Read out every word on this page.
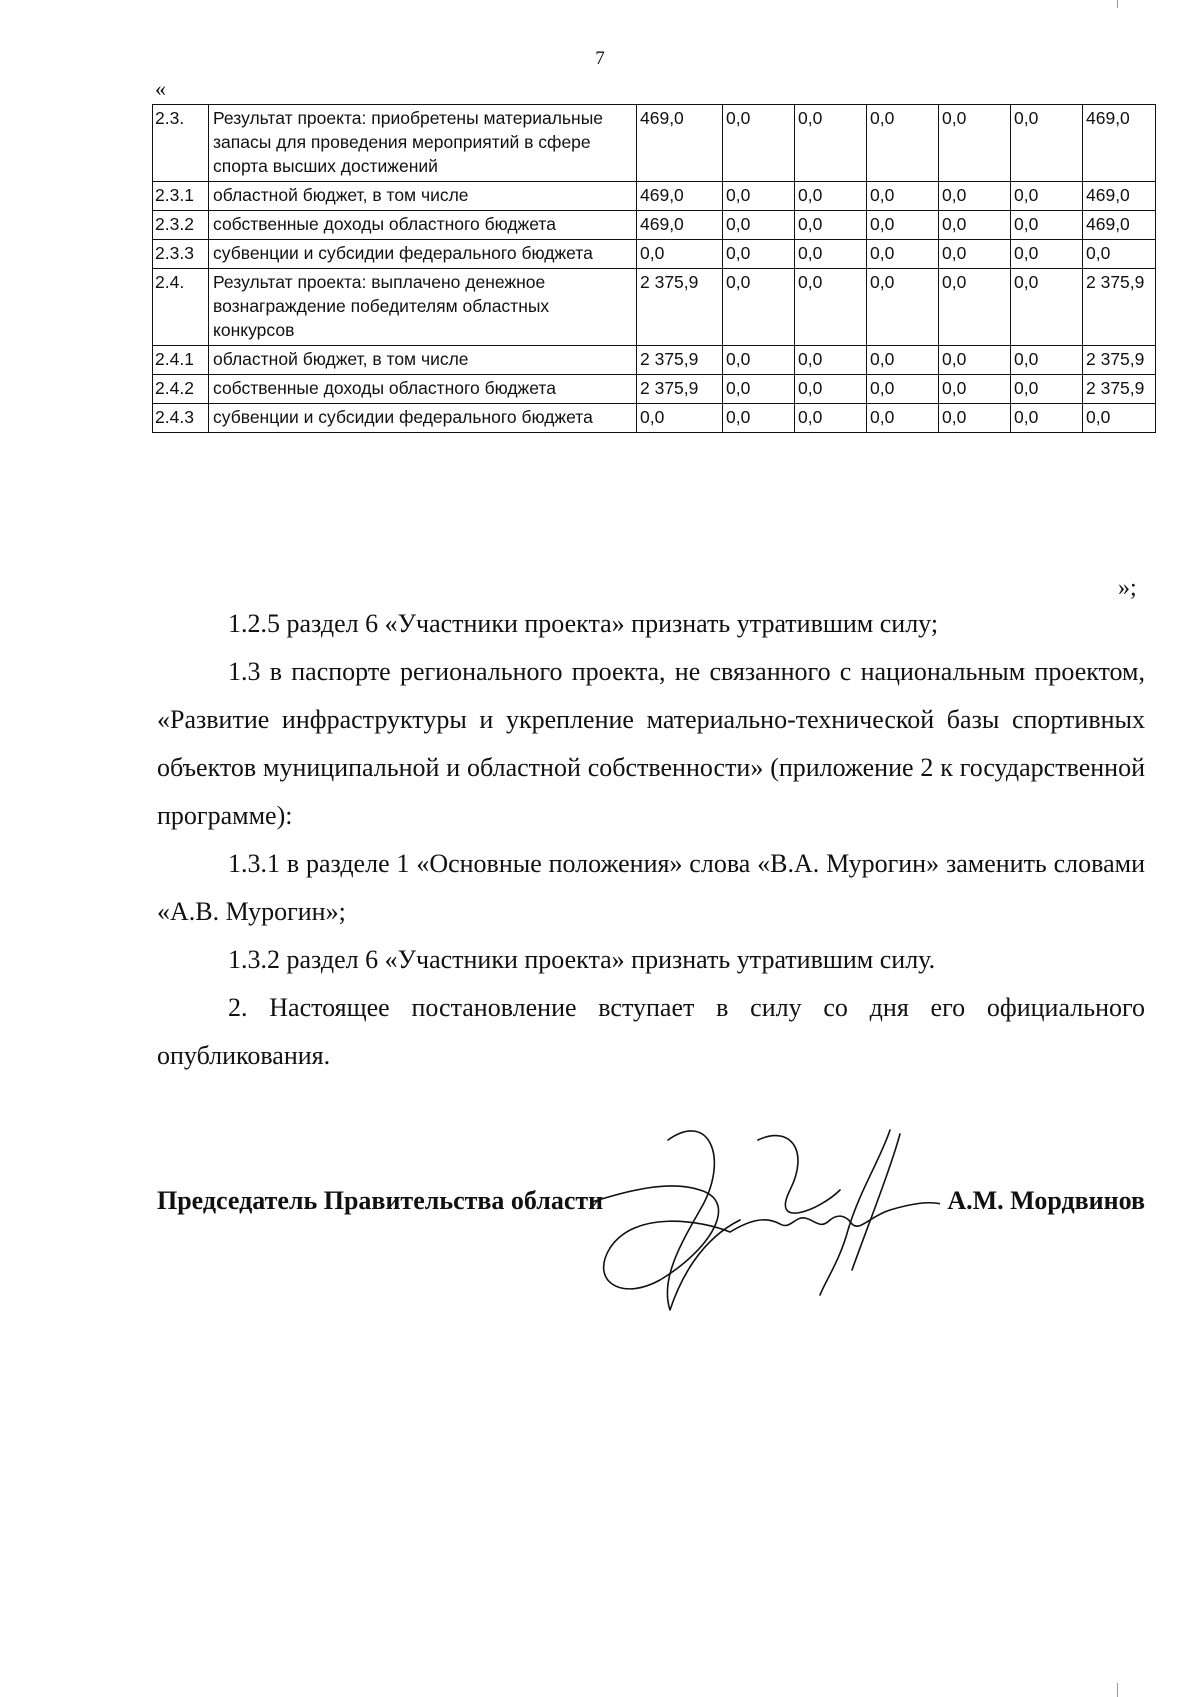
7
«
2.3.	Результат проекта: приобретены материальные запасы для проведения мероприятий в сфере спорта высших достижений	469,0	0,0	0,0	0,0	0,0	0,0	469,0
2.3.1	областной бюджет, в том числе	469,0	0,0	0,0	0,0	0,0	0,0	469,0
2.3.2	собственные доходы областного бюджета	469,0	0,0	0,0	0,0	0,0	0,0	469,0
2.3.3	субвенции и субсидии федерального бюджета	0,0	0,0	0,0	0,0	0,0	0,0	0,0
2.4.	Результат проекта: выплачено денежное вознаграждение победителям областных конкурсов	2 375,9	0,0	0,0	0,0	0,0	0,0	2 375,9
2.4.1	областной бюджет, в том числе	2 375,9	0,0	0,0	0,0	0,0	0,0	2 375,9
2.4.2	собственные доходы областного бюджета	2 375,9	0,0	0,0	0,0	0,0	0,0	2 375,9
2.4.3	субвенции и субсидии федерального бюджета	0,0	0,0	0,0	0,0	0,0	0,0	0,0
»;

1.2.5 раздел 6 «Участники проекта» признать утратившим силу;

1.3 в паспорте регионального проекта, не связанного с национальным проектом, «Развитие инфраструктуры и укрепление материально-технической базы спортивных объектов муниципальной и областной собственности» (приложение 2 к государственной программе):

1.3.1 в разделе 1 «Основные положения» слова «В.А. Мурогин» заменить словами «А.В. Мурогин»;

1.3.2 раздел 6 «Участники проекта» признать утратившим силу.

2. Настоящее постановление вступает в силу со дня его официального опубликования.

Председатель Правительства области	А.М. Мордвинов
